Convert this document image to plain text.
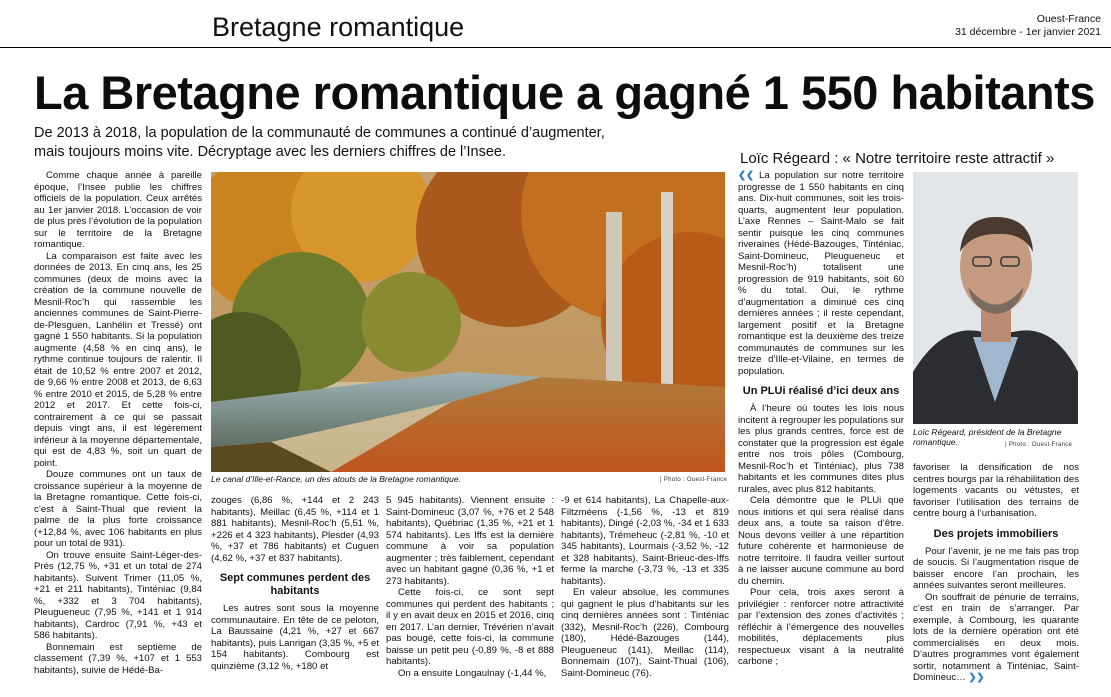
Bretagne romantique	Ouest-France
31 décembre - 1er janvier 2021
La Bretagne romantique a gagné 1 550 habitants
De 2013 à 2018, la population de la communauté de communes a continué d’augmenter, mais toujours moins vite. Décryptage avec les derniers chiffres de l’Insee.

Comme chaque année à pareille époque, l’Insee publie les chiffres officiels de la population. Ceux arrêtés au 1er janvier 2018. L’occasion de voir de plus près l’évolution de la population sur le territoire de la Bretagne romantique.

La comparaison est faite avec les données de 2013. En cinq ans, les 25 communes (deux de moins avec la création de la commune nouvelle de Mesnil-Roc’h qui rassemble les anciennes communes de Saint-Pierre-de-Plesguen, Lanhélin et Tressé) ont gagné 1 550 habitants. Si la population augmente (4,58 % en cinq ans), le rythme continue toujours de ralentir. Il était de 10,52 % entre 2007 et 2012, de 9,66 % entre 2008 et 2013, de 6,63 % entre 2010 et 2015, de 5,28 % entre 2012 et 2017. Et cette fois-ci, contrairement à ce qui se passait depuis vingt ans, il est légèrement inférieur à la moyenne départementale, qui est de 4,83 %, soit un quart de point.

Douze communes ont un taux de croissance supérieur à la moyenne de la Bretagne romantique. Cette fois-ci, c’est à Saint-Thual que revient la palme de la plus forte croissance (+12,84 %, avec 106 habitants en plus pour un total de 931).

On trouve ensuite Saint-Léger-des-Prés (12,75 %, +31 et un total de 274 habitants). Suivent Trimer (11,05 %, +21 et 211 habitants), Tinténiac (9,84 %, +332 et 3 704 habitants), Pleugueneuc (7,95 %, +141 et 1 914 habitants), Cardroc (7,91 %, +43 et 586 habitants).

Bonnemain est septième de classement (7,39 %, +107 et 1 553 habitants), suivie de Hédé-Ba-

Le canal d’Ille-et-Rance, un des atouts de la Bretagne romantique.	| Photo : Ouest-France

zouges (6,86 %, +144 et 2 243 habitants), Meillac (6,45 %, +114 et 1 881 habitants), Mesnil-Roc’h (5,51 %, +226 et 4 323 habitants), Plesder (4,93 %, +37 et 786 habitants) et Cuguen (4,62 %, +37 et 837 habitants).

Sept communes perdent des habitants

Les autres sont sous la moyenne communautaire. En tête de ce peloton, La Baussaine (4,21 %, +27 et 667 habitants), puis Lanrigan (3,35 %, +5 et 154 habitants). Combourg est quinzième (3,12 %, +180 et

5 945 habitants). Viennent ensuite : Saint-Domineuc (3,07 %, +76 et 2 548 habitants), Québriac (1,35 %, +21 et 1 574 habitants). Les Iffs est la dernière commune à voir sa population augmenter ; très faiblement, cependant avec un habitant gagné (0,36 %, +1 et 273 habitants).

Cette fois-ci, ce sont sept communes qui perdent des habitants ; il y en avait deux en 2015 et 2016, cinq en 2017. L’an dernier, Trévérien n’avait pas bougé, cette fois-ci, la commune baisse un petit peu (-0,89 %, -8 et 888 habitants).

On a ensuite Longaulnay (-1,44 %,

-9 et 614 habitants), La Chapelle-aux-Filtzméens (-1,56 %, -13 et 819 habitants), Dingé (-2,03 %, -34 et 1 633 habitants), Trémeheuc (-2,81 %, -10 et 345 habitants), Lourmais (-3,52 %, -12 et 328 habitants). Saint-Brieuc-des-Iffs ferme la marche (-3,73 %, -13 et 335 habitants).

En valeur absolue, les communes qui gagnent le plus d’habitants sur les cinq dernières années sont : Tinténiac (332), Mesnil-Roc’h (226), Combourg (180), Hédé-Bazouges (144), Pleugueneuc (141), Meillac (114), Bonnemain (107), Saint-Thual (106), Saint-Domineuc (76).

Loïc Régeard : « Notre territoire reste attractif »

❮❮ La population sur notre territoire progresse de 1 550 habitants en cinq ans. Dix-huit communes, soit les trois-quarts, augmentent leur population. L’axe Rennes – Saint-Malo se fait sentir puisque les cinq communes riveraines (Hédé-Bazouges, Tinténiac, Saint-Domineuc, Pleugueneuc et Mesnil-Roc’h) totalisent une progression de 919 habitants, soit 60 % du total. Oui, le rythme d’augmentation a diminué ces cinq dernières années ; il reste cependant, largement positif et la Bretagne romantique est la deuxième des treize communautés de communes sur les treize d’Ille-et-Vilaine, en termes de population.

Un PLUi réalisé d’ici deux ans

À l’heure où toutes les lois nous incitent à regrouper les populations sur les plus grands centres, force est de constater que la progression est égale entre nos trois pôles (Combourg, Mesnil-Roc’h et Tinténiac), plus 738 habitants et les communes dites plus rurales, avec plus 812 habitants.

Cela démontre que le PLUi que nous initions et qui sera réalisé dans deux ans, a toute sa raison d’être. Nous devons veiller à une répartition future cohérente et harmonieuse de notre territoire. Il faudra veiller surtout à ne laisser aucune commune au bord du chemin.

Pour cela, trois axes seront à privilégier : renforcer notre attractivité par l’extension des zones d’activités ; réfléchir à l’émergence des nouvelles mobilités, déplacements plus respectueux visant à la neutralité carbone ;

Loïc Régeard, président de la Bretagne romantique.	| Photo : Ouest-France

favoriser la densification de nos centres bourgs par la réhabilitation des logements vacants ou vétustes, et favoriser l’utilisation des terrains de centre bourg à l’urbanisation.

Des projets immobiliers

Pour l’avenir, je ne me fais pas trop de soucis. Si l’augmentation risque de baisser encore l’an prochain, les années suivantes seront meilleures.

On souffrait de pénurie de terrains, c’est en train de s’arranger. Par exemple, à Combourg, les quarante lots de la dernière opération ont été commercialisés en deux mois. D’autres programmes vont également sortir, notamment à Tinténiac, Saint-Domineuc… ❯❯
